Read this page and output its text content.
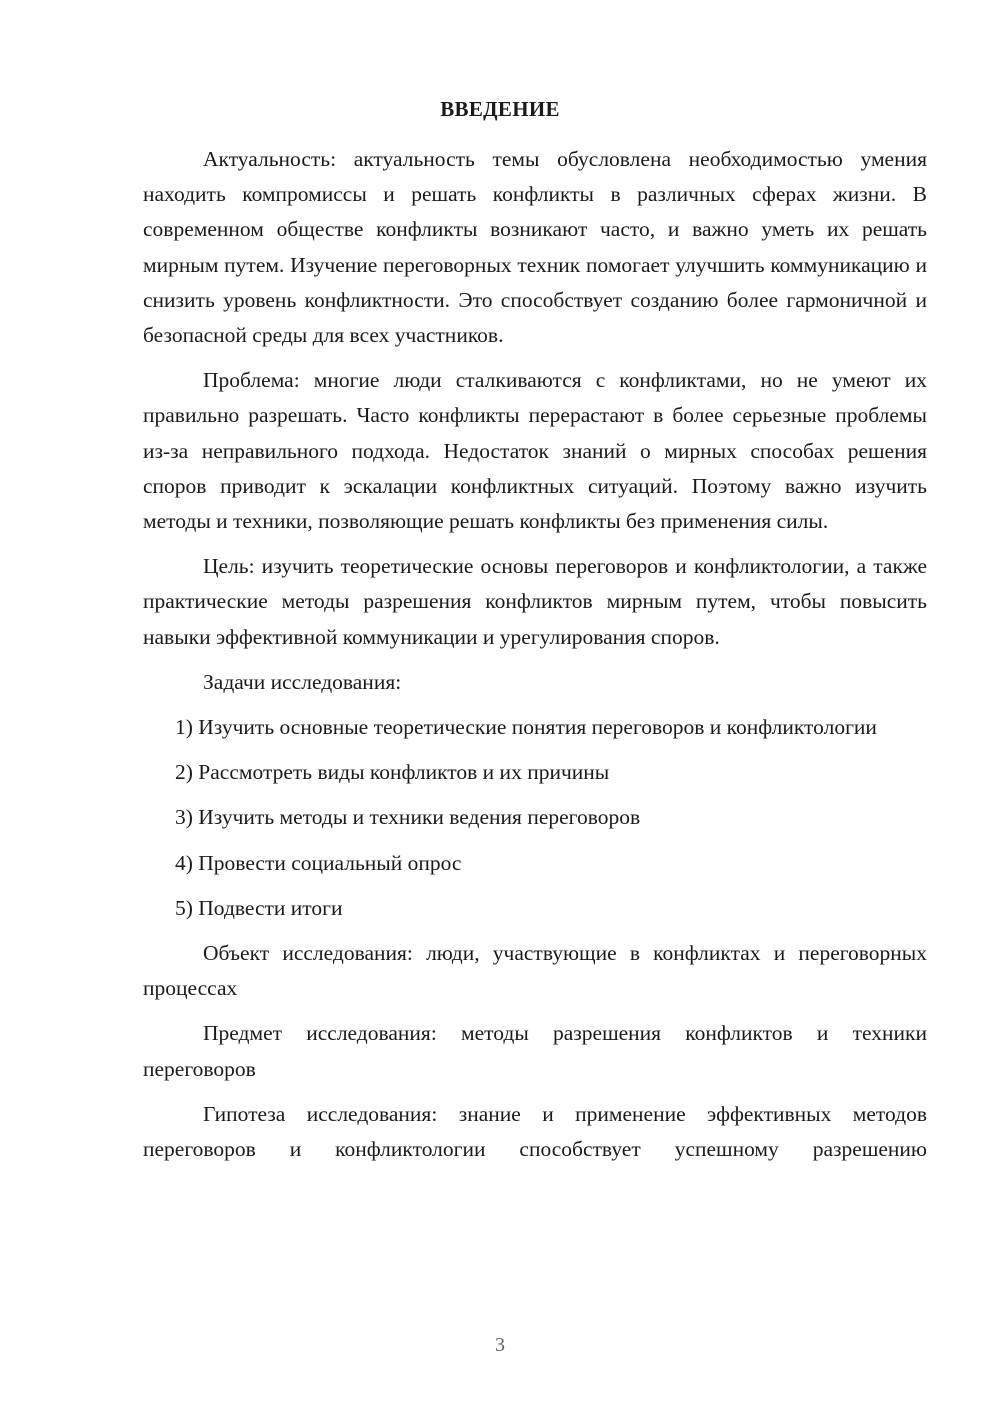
ВВЕДЕНИЕ

Актуальность: актуальность темы обусловлена необходимостью умения находить компромиссы и решать конфликты в различных сферах жизни. В современном обществе конфликты возникают часто, и важно уметь их решать мирным путем. Изучение переговорных техник помогает улучшить коммуникацию и снизить уровень конфликтности. Это способствует созданию более гармоничной и безопасной среды для всех участников.

Проблема: многие люди сталкиваются с конфликтами, но не умеют их правильно разрешать. Часто конфликты перерастают в более серьезные проблемы из-за неправильного подхода. Недостаток знаний о мирных способах решения споров приводит к эскалации конфликтных ситуаций. Поэтому важно изучить методы и техники, позволяющие решать конфликты без применения силы.

Цель: изучить теоретические основы переговоров и конфликтологии, а также практические методы разрешения конфликтов мирным путем, чтобы повысить навыки эффективной коммуникации и урегулирования споров.

Задачи исследования:

1) Изучить основные теоретические понятия переговоров и конфликтологии

2) Рассмотреть виды конфликтов и их причины

3) Изучить методы и техники ведения переговоров

4) Провести социальный опрос

5) Подвести итоги

Объект исследования: люди, участвующие в конфликтах и переговорных процессах

Предмет исследования: методы разрешения конфликтов и техники переговоров

Гипотеза исследования: знание и применение эффективных методов переговоров и конфликтологии способствует успешному разрешению

3
